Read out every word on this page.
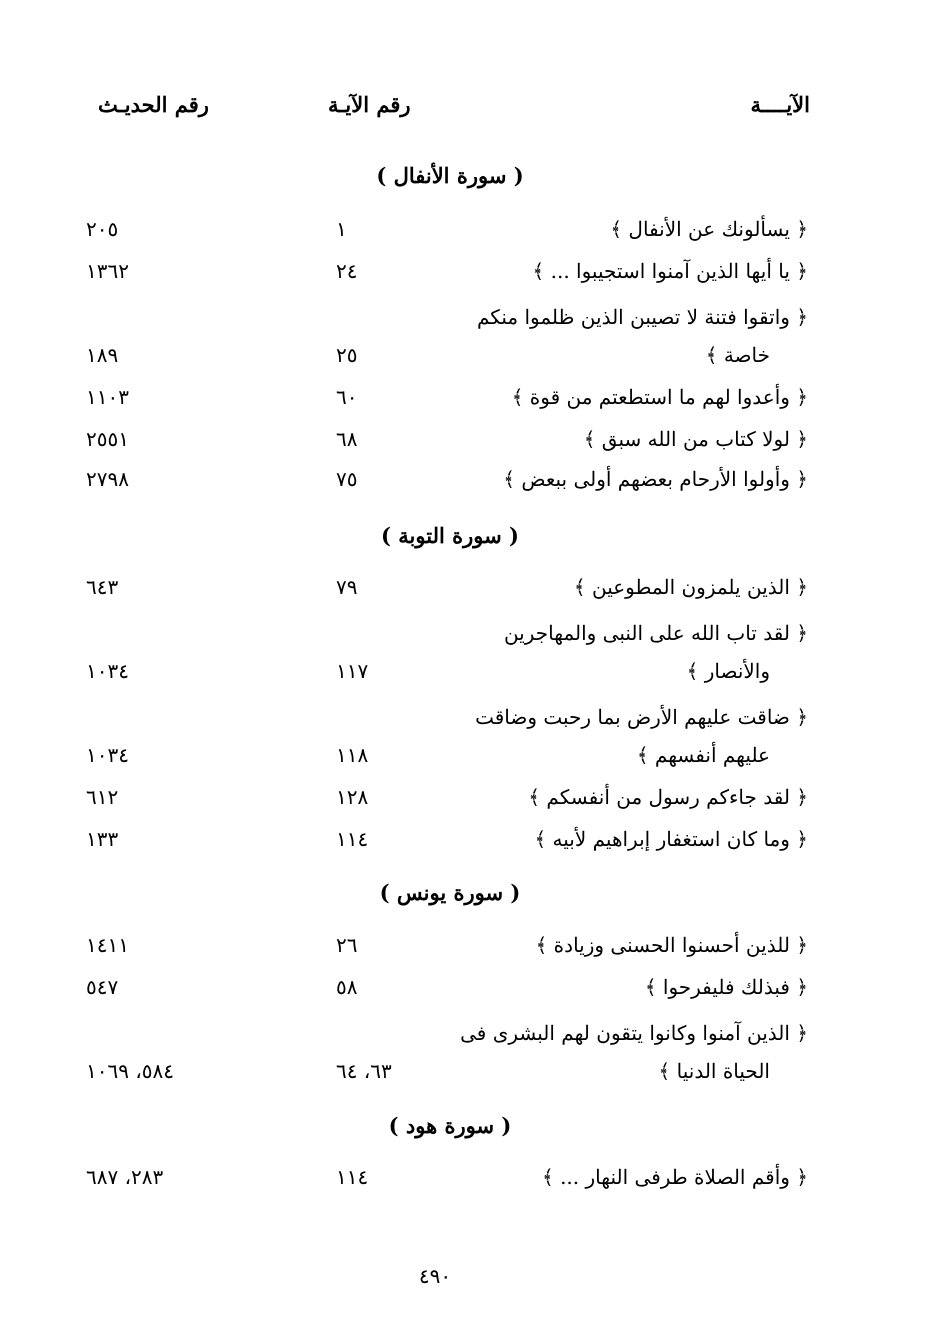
الآيــــة
رقم الآيـة
رقم الحديـث
( سورة الأنفال )
﴿ يسألونك عن الأنفال ﴾
١
٢٠٥
﴿ يا أيها الذين آمنوا استجيبوا ... ﴾
٢٤
١٣٦٢
﴿ واتقوا فتنة لا تصيبن الذين ظلموا منكم
خاصة ﴾
٢٥
١٨٩
﴿ وأعدوا لهم ما استطعتم من قوة ﴾
٦٠
١١٠٣
﴿ لولا كتاب من الله سبق ﴾
٦٨
٢٥٥١
﴿ وأولوا الأرحام بعضهم أولى ببعض ﴾
٧٥
٢٧٩٨
( سورة التوبة )
﴿ الذين يلمزون المطوعين ﴾
٧٩
٦٤٣
﴿ لقد تاب الله على النبى والمهاجرين
والأنصار ﴾
١١٧
١٠٣٤
﴿ ضاقت عليهم الأرض بما رحبت وضاقت
عليهم أنفسهم ﴾
١١٨
١٠٣٤
﴿ لقد جاءكم رسول من أنفسكم ﴾
١٢٨
٦١٢
﴿ وما كان استغفار إبراهيم لأبيه ﴾
١١٤
١٣٣
( سورة يونس )
﴿ للذين أحسنوا الحسنى وزيادة ﴾
٢٦
١٤١١
﴿ فبذلك فليفرحوا ﴾
٥٨
٥٤٧
﴿ الذين آمنوا وكانوا يتقون لهم البشرى فى
الحياة الدنيا ﴾
٦٣، ٦٤
٥٨٤، ١٠٦٩
( سورة هود )
﴿ وأقم الصلاة طرفى النهار ... ﴾
١١٤
٢٨٣، ٦٨٧
٤٩٠
